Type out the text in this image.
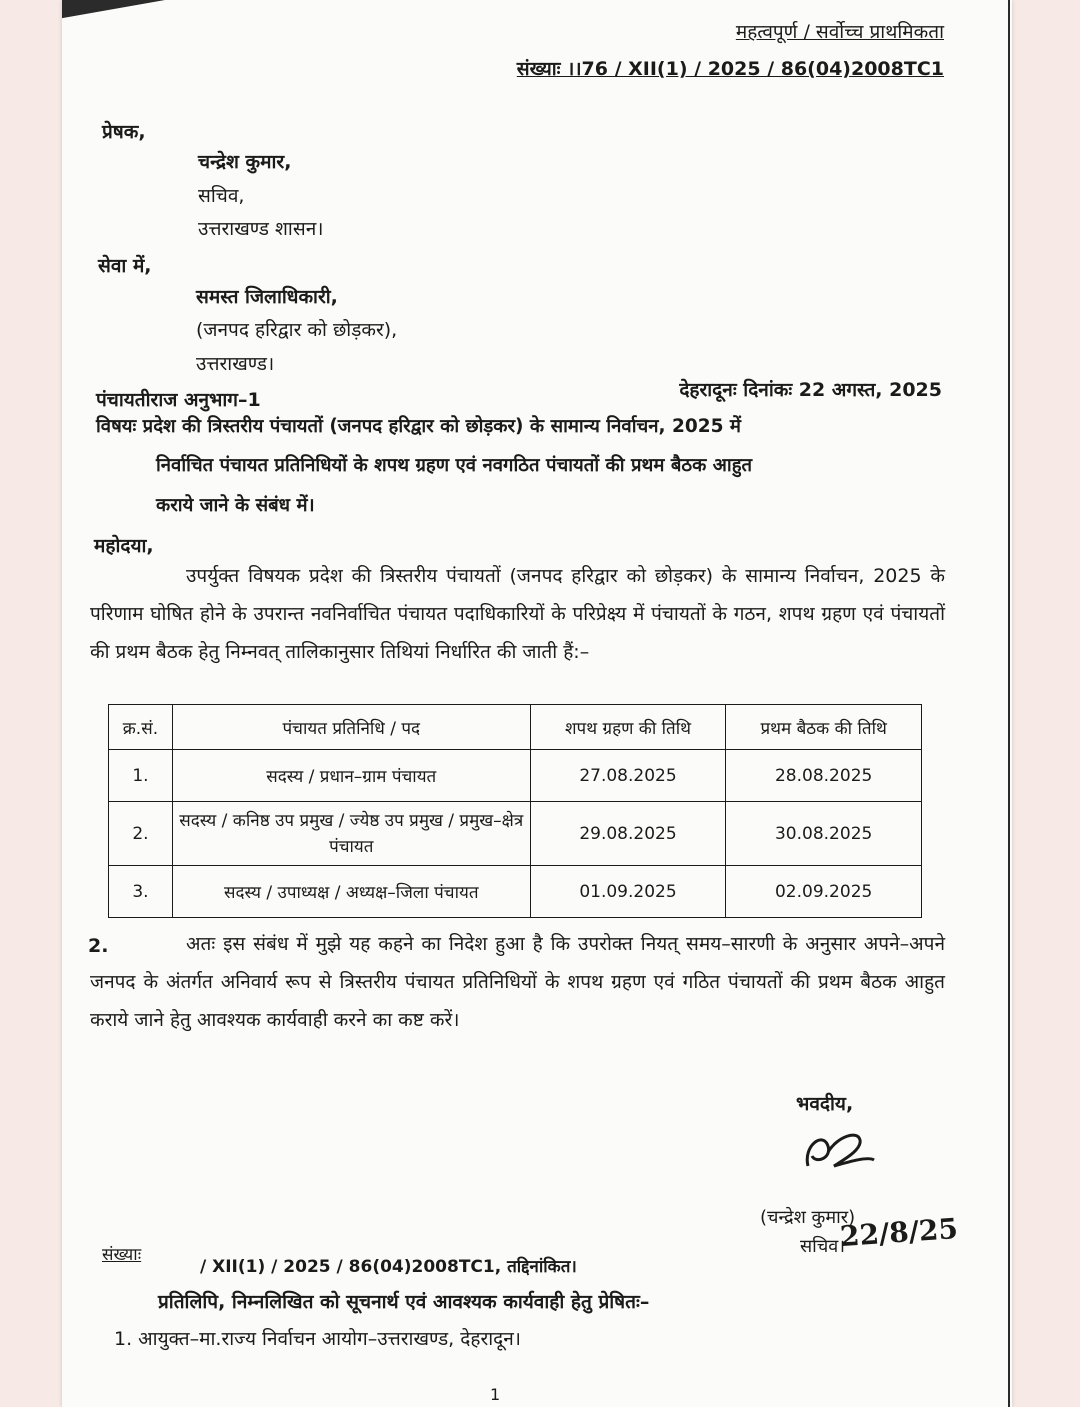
महत्वपूर्ण / सर्वोच्च प्राथमिकता
संख्याः ।।76 / XII(1) / 2025 / 86(04)2008TC1
प्रेषक,
चन्द्रेश कुमार,
सचिव,
उत्तराखण्ड शासन।
सेवा में,
समस्त जिलाधिकारी,
(जनपद हरिद्वार को छोड़कर),
उत्तराखण्ड।
पंचायतीराज अनुभाग–1	देहरादूनः दिनांकः 22 अगस्त, 2025
विषयः प्रदेश की त्रिस्तरीय पंचायतों (जनपद हरिद्वार को छोड़कर) के सामान्य निर्वाचन, 2025 में
निर्वाचित पंचायत प्रतिनिधियों के शपथ ग्रहण एवं नवगठित पंचायतों की प्रथम बैठक आहुत
कराये जाने के संबंध में।
महोदया,
उपर्युक्त विषयक प्रदेश की त्रिस्तरीय पंचायतों (जनपद हरिद्वार को छोड़कर) के सामान्य निर्वाचन, 2025 के परिणाम घोषित होने के उपरान्त नवनिर्वाचित पंचायत पदाधिकारियों के परिप्रेक्ष्य में पंचायतों के गठन, शपथ ग्रहण एवं पंचायतों की प्रथम बैठक हेतु निम्नवत् तालिकानुसार तिथियां निर्धारित की जाती हैं:–
क्र.सं.	पंचायत प्रतिनिधि / पद	शपथ ग्रहण की तिथि	प्रथम बैठक की तिथि
1.	सदस्य / प्रधान–ग्राम पंचायत	27.08.2025	28.08.2025
2.	सदस्य / कनिष्ठ उप प्रमुख / ज्येष्ठ उप प्रमुख / प्रमुख–क्षेत्र पंचायत	29.08.2025	30.08.2025
3.	सदस्य / उपाध्यक्ष / अध्यक्ष–जिला पंचायत	01.09.2025	02.09.2025
2.	अतः इस संबंध में मुझे यह कहने का निदेश हुआ है कि उपरोक्त नियत् समय–सारणी के अनुसार अपने–अपने जनपद के अंतर्गत अनिवार्य रूप से त्रिस्तरीय पंचायत प्रतिनिधियों के शपथ ग्रहण एवं गठित पंचायतों की प्रथम बैठक आहुत कराये जाने हेतु आवश्यक कार्यवाही करने का कष्ट करें।
भवदीय,
(चन्द्रेश कुमार)
सचिव।
22/8/25
संख्याः
/ XII(1) / 2025 / 86(04)2008TC1, तद्दिनांकित।
प्रतिलिपि, निम्नलिखित को सूचनार्थ एवं आवश्यक कार्यवाही हेतु प्रेषितः–
1. आयुक्त–मा.राज्य निर्वाचन आयोग–उत्तराखण्ड, देहरादून।
1
